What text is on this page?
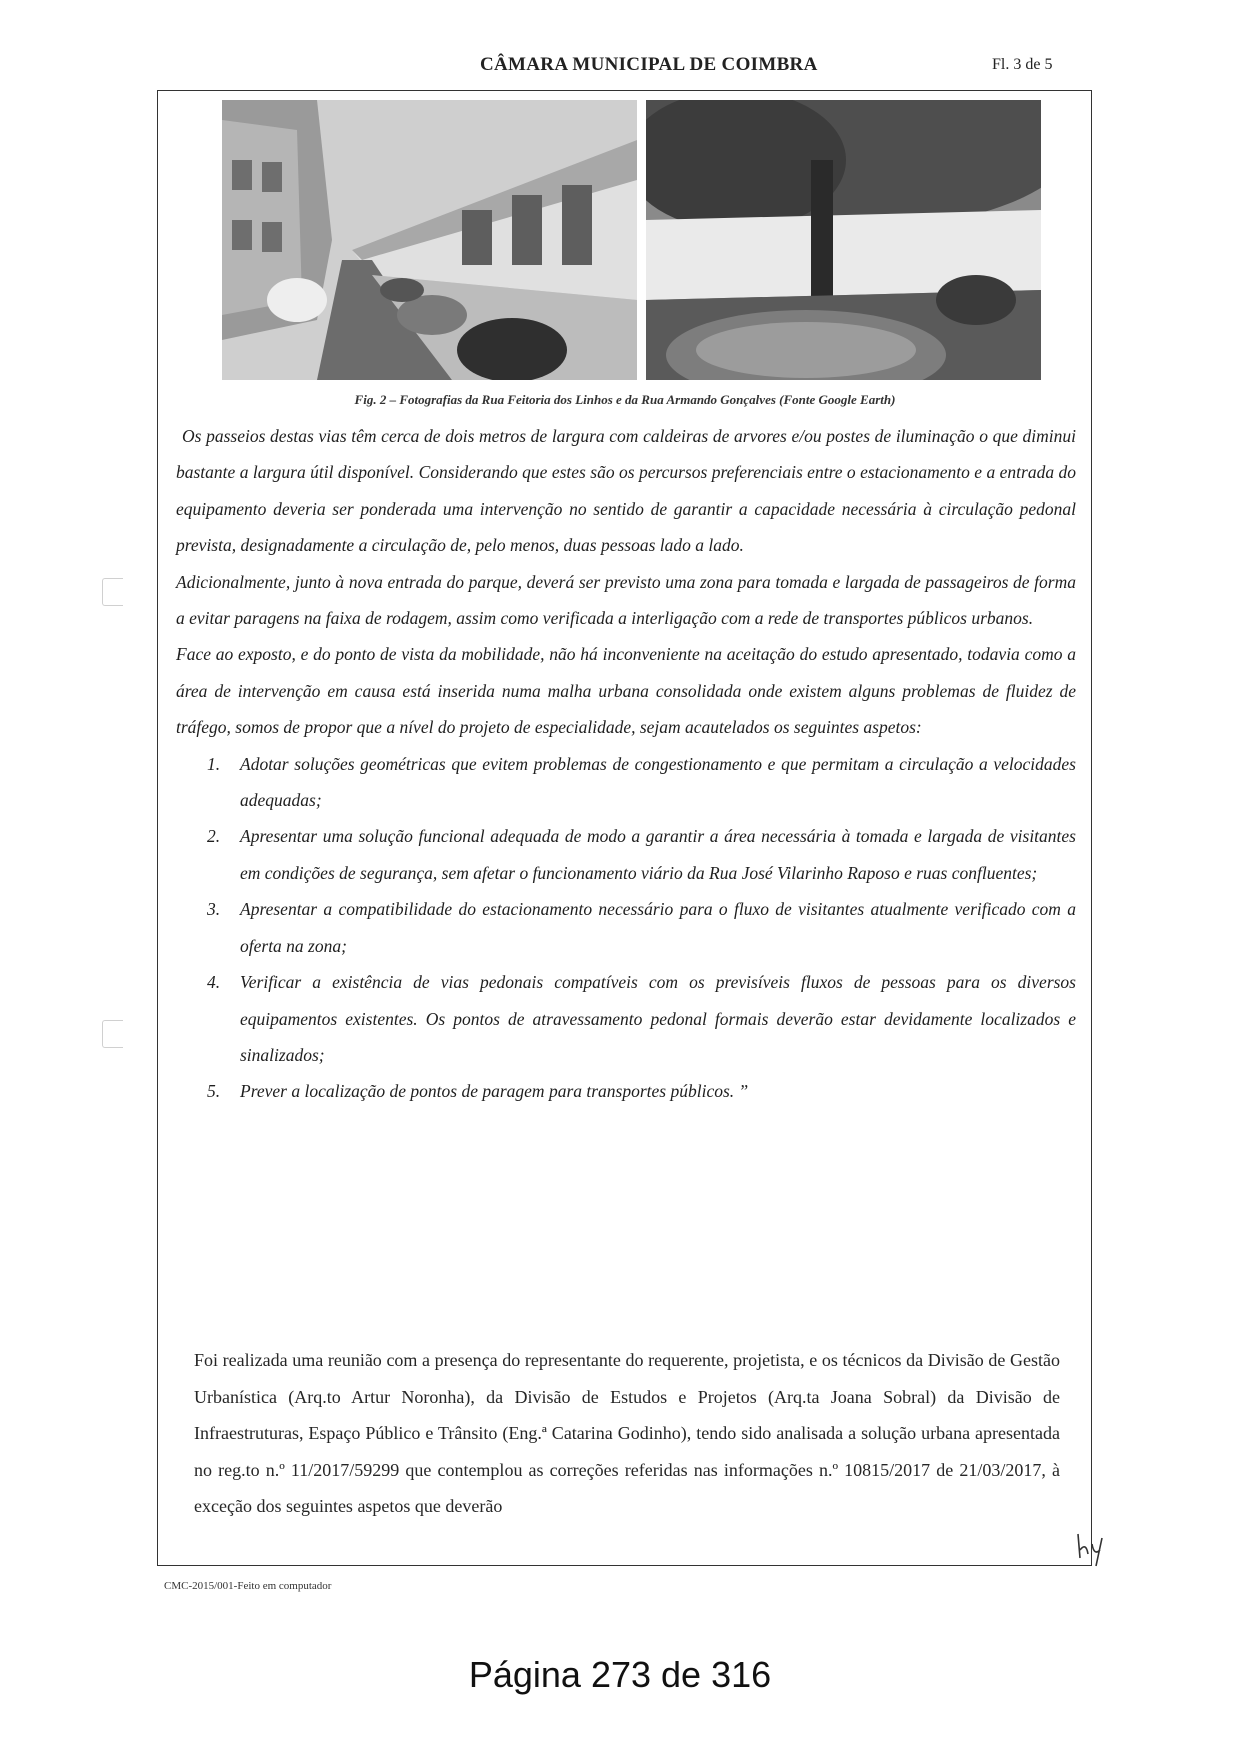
CÂMARA MUNICIPAL DE COIMBRA	Fl. 3 de 5
Fig. 2 – Fotografias da Rua Feitoria dos Linhos e da Rua Armando Gonçalves (Fonte Google Earth)

Os passeios destas vias têm cerca de dois metros de largura com caldeiras de arvores e/ou postes de iluminação o que diminui bastante a largura útil disponível. Considerando que estes são os percursos preferenciais entre o estacionamento e a entrada do equipamento deveria ser ponderada uma intervenção no sentido de garantir a capacidade necessária à circulação pedonal prevista, designadamente a circulação de, pelo menos, duas pessoas lado a lado.

Adicionalmente, junto à nova entrada do parque, deverá ser previsto uma zona para tomada e largada de passageiros de forma a evitar paragens na faixa de rodagem, assim como verificada a interligação com a rede de transportes públicos urbanos.

Face ao exposto, e do ponto de vista da mobilidade, não há inconveniente na aceitação do estudo apresentado, todavia como a área de intervenção em causa está inserida numa malha urbana consolidada onde existem alguns problemas de fluidez de tráfego, somos de propor que a nível do projeto de especialidade, sejam acautelados os seguintes aspetos:

1. Adotar soluções geométricas que evitem problemas de congestionamento e que permitam a circulação a velocidades adequadas;
2. Apresentar uma solução funcional adequada de modo a garantir a área necessária à tomada e largada de visitantes em condições de segurança, sem afetar o funcionamento viário da Rua José Vilarinho Raposo e ruas confluentes;
3. Apresentar a compatibilidade do estacionamento necessário para o fluxo de visitantes atualmente verificado com a oferta na zona;
4. Verificar a existência de vias pedonais compatíveis com os previsíveis fluxos de pessoas para os diversos equipamentos existentes. Os pontos de atravessamento pedonal formais deverão estar devidamente localizados e sinalizados;
5. Prever a localização de pontos de paragem para transportes públicos. ”

Foi realizada uma reunião com a presença do representante do requerente, projetista, e os técnicos da Divisão de Gestão Urbanística (Arq.to Artur Noronha), da Divisão de Estudos e Projetos (Arq.ta Joana Sobral) da Divisão de Infraestruturas, Espaço Público e Trânsito (Eng.ª Catarina Godinho), tendo sido analisada a solução urbana apresentada no reg.to n.º 11/2017/59299 que contemplou as correções referidas nas informações n.º 10815/2017 de 21/03/2017, à exceção dos seguintes aspetos que deverão

CMC-2015/001-Feito em computador
Página 273 de 316
